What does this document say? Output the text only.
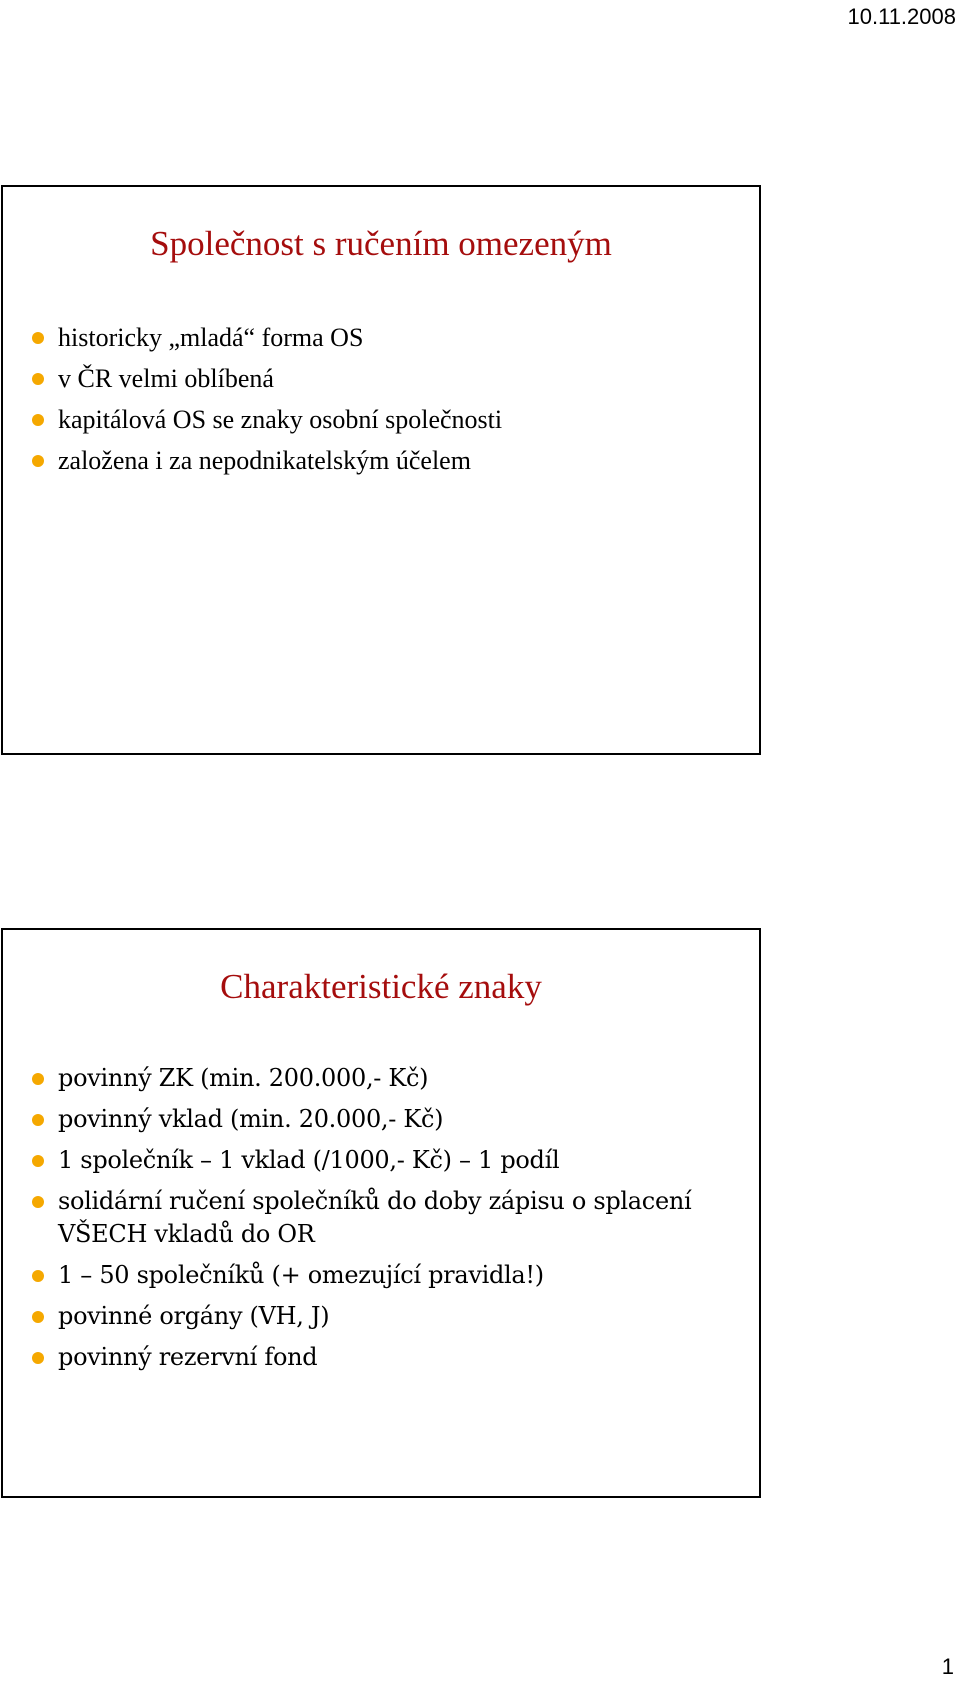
10.11.2008
Společnost s ručením omezeným
historicky „mladá“ forma OS
v ČR velmi oblíbená
kapitálová OS se znaky osobní společnosti
založena i za nepodnikatelským účelem
Charakteristické znaky
povinný ZK (min. 200.000,- Kč)
povinný vklad (min. 20.000,- Kč)
1 společník – 1 vklad (/1000,- Kč) – 1 podíl
solidární ručení společníků do doby zápisu o splacení VŠECH vkladů do OR
1 – 50 společníků (+ omezující pravidla!)
povinné orgány (VH, J)
povinný rezervní fond
1
